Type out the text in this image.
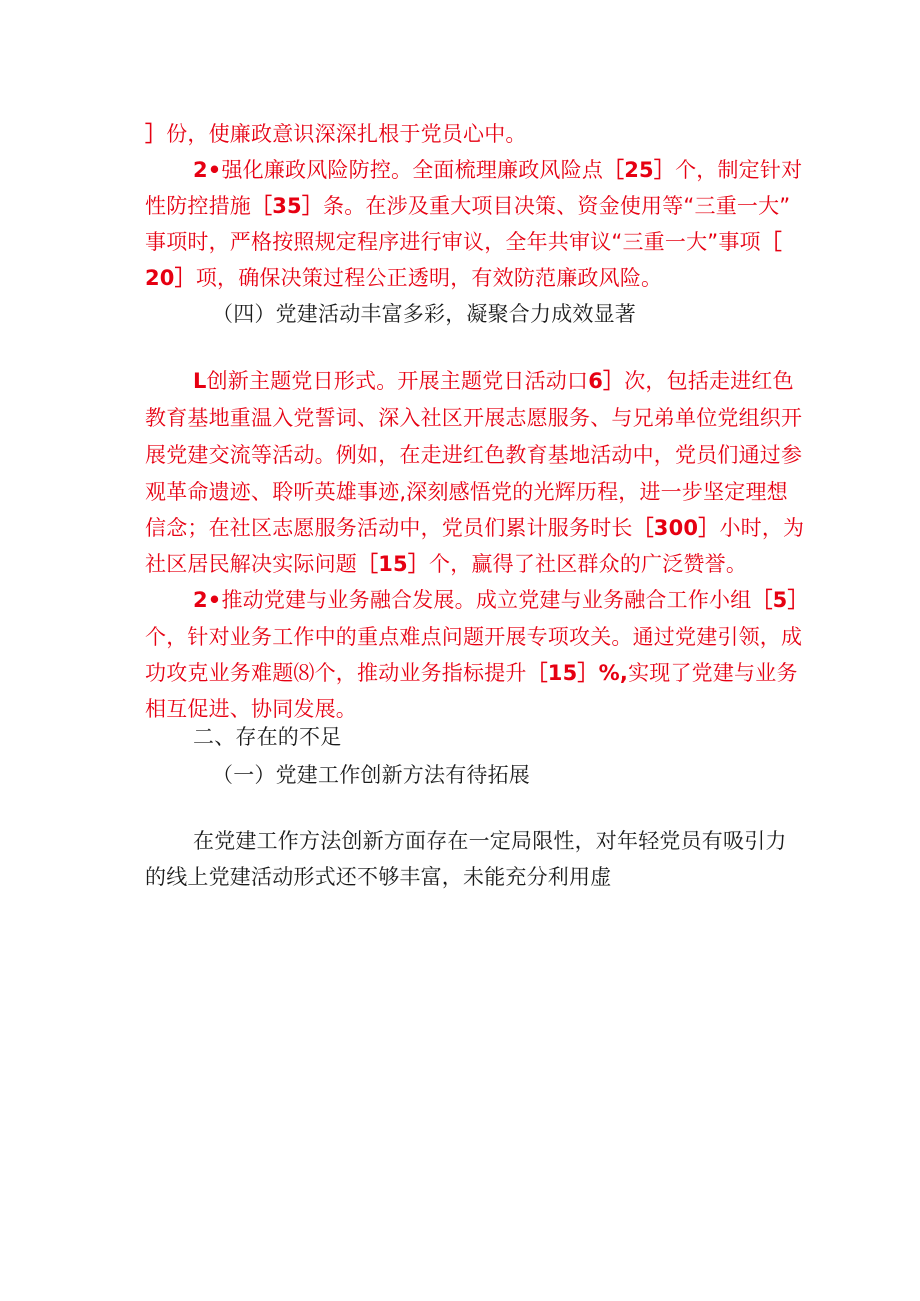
］份，使廉政意识深深扎根于党员心中。
2•强化廉政风险防控。全面梳理廉政风险点［25］个，制定针对
性防控措施［35］条。在涉及重大项目决策、资金使用等“三重一大”
事项时，严格按照规定程序进行审议，全年共审议“三重一大”事项［
20］项，确保决策过程公正透明，有效防范廉政风险。
（四）党建活动丰富多彩，凝聚合力成效显著
L创新主题党日形式。开展主题党日活动口6］次，包括走进红色
教育基地重温入党誓词、深入社区开展志愿服务、与兄弟单位党组织开
展党建交流等活动。例如，在走进红色教育基地活动中，党员们通过参
观革命遗迹、聆听英雄事迹,深刻感悟党的光辉历程，进一步坚定理想
信念；在社区志愿服务活动中，党员们累计服务时长［300］小时，为
社区居民解决实际问题［15］个，赢得了社区群众的广泛赞誉。
2•推动党建与业务融合发展。成立党建与业务融合工作小组［5］
个，针对业务工作中的重点难点问题开展专项攻关。通过党建引领，成
功攻克业务难题⑻个，推动业务指标提升［15］%,实现了党建与业务
相互促进、协同发展。
二、存在的不足
（一）党建工作创新方法有待拓展
在党建工作方法创新方面存在一定局限性，对年轻党员有吸引力
的线上党建活动形式还不够丰富，未能充分利用虚
